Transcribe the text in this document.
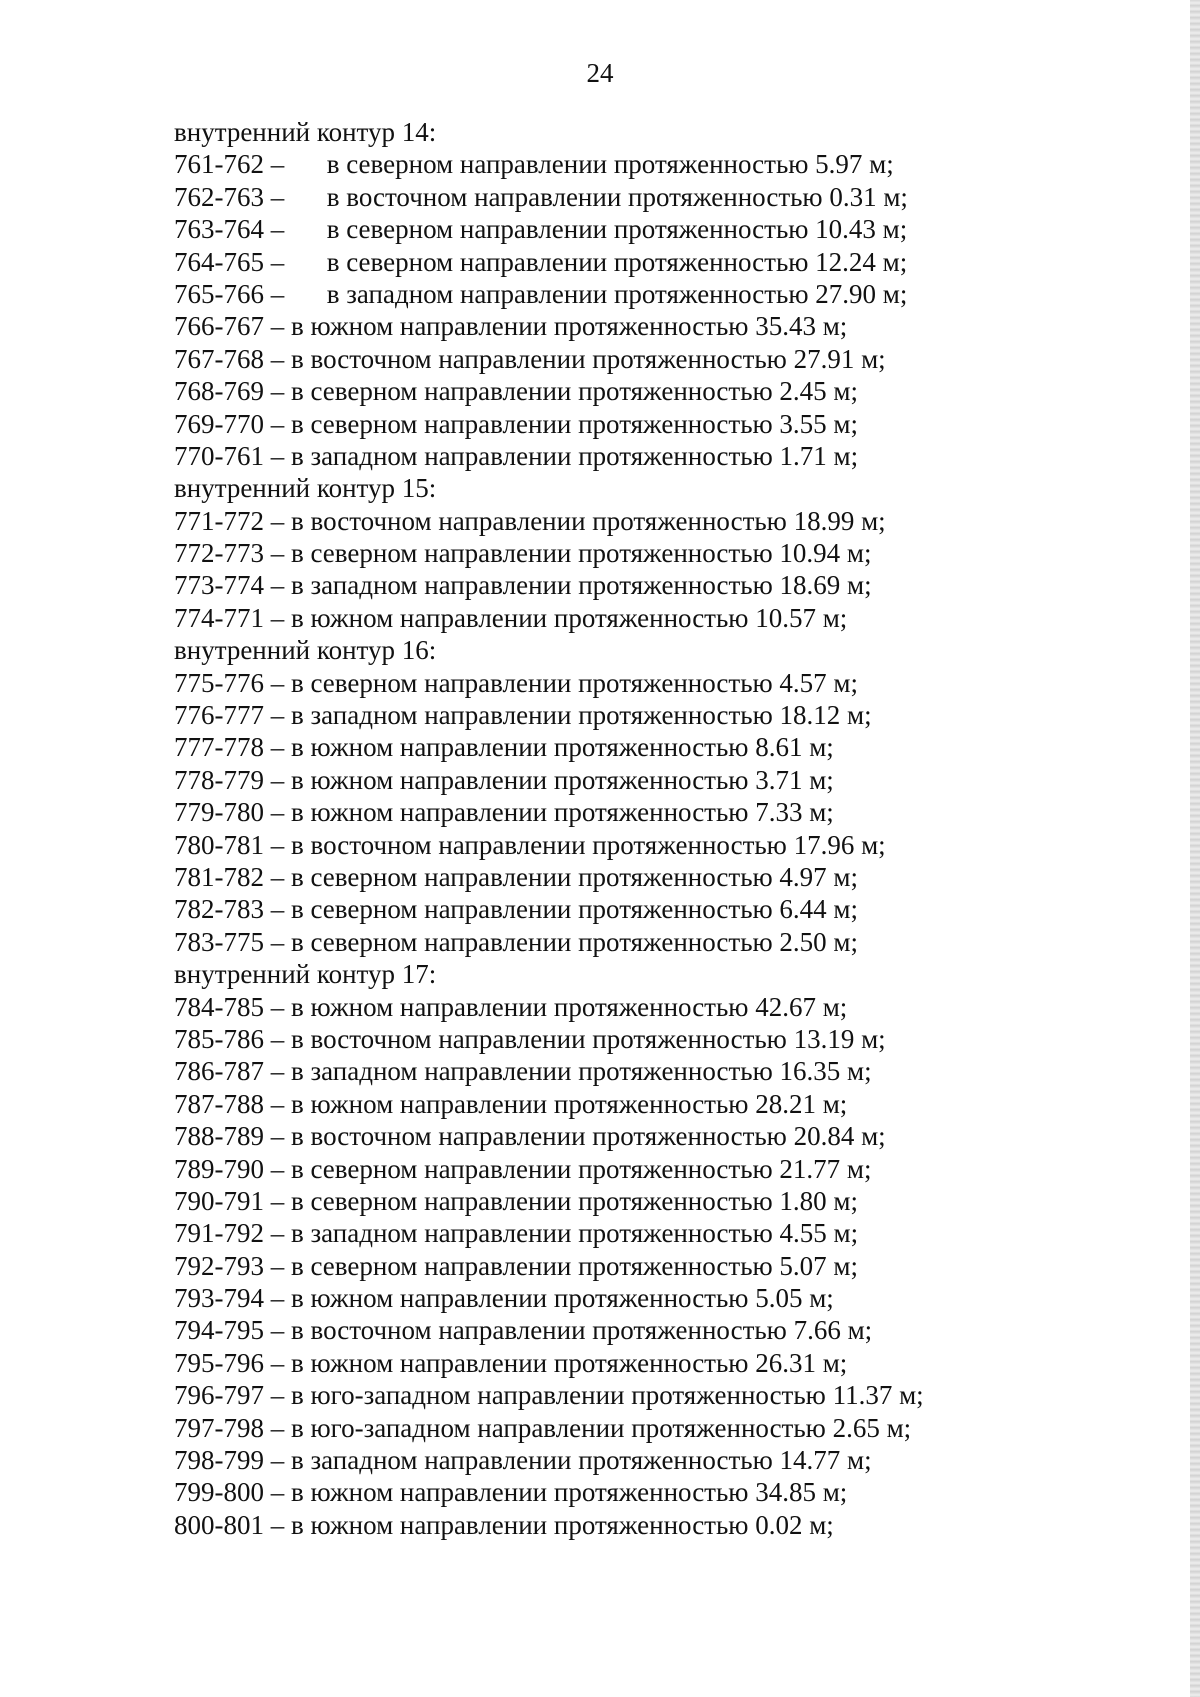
24
внутренний контур 14:
761-762 – в северном направлении протяженностью 5.97 м;
762-763 – в восточном направлении протяженностью 0.31 м;
763-764 – в северном направлении протяженностью 10.43 м;
764-765 – в северном направлении протяженностью 12.24 м;
765-766 – в западном направлении протяженностью 27.90 м;
766-767 – в южном направлении протяженностью 35.43 м;
767-768 – в восточном направлении протяженностью 27.91 м;
768-769 – в северном направлении протяженностью 2.45 м;
769-770 – в северном направлении протяженностью 3.55 м;
770-761 – в западном направлении протяженностью 1.71 м;
внутренний контур 15:
771-772 – в восточном направлении протяженностью 18.99 м;
772-773 – в северном направлении протяженностью 10.94 м;
773-774 – в западном направлении протяженностью 18.69 м;
774-771 – в южном направлении протяженностью 10.57 м;
внутренний контур 16:
775-776 – в северном направлении протяженностью 4.57 м;
776-777 – в западном направлении протяженностью 18.12 м;
777-778 – в южном направлении протяженностью 8.61 м;
778-779 – в южном направлении протяженностью 3.71 м;
779-780 – в южном направлении протяженностью 7.33 м;
780-781 – в восточном направлении протяженностью 17.96 м;
781-782 – в северном направлении протяженностью 4.97 м;
782-783 – в северном направлении протяженностью 6.44 м;
783-775 – в северном направлении протяженностью 2.50 м;
внутренний контур 17:
784-785 – в южном направлении протяженностью 42.67 м;
785-786 – в восточном направлении протяженностью 13.19 м;
786-787 – в западном направлении протяженностью 16.35 м;
787-788 – в южном направлении протяженностью 28.21 м;
788-789 – в восточном направлении протяженностью 20.84 м;
789-790 – в северном направлении протяженностью 21.77 м;
790-791 – в северном направлении протяженностью 1.80 м;
791-792 – в западном направлении протяженностью 4.55 м;
792-793 – в северном направлении протяженностью 5.07 м;
793-794 – в южном направлении протяженностью 5.05 м;
794-795 – в восточном направлении протяженностью 7.66 м;
795-796 – в южном направлении протяженностью 26.31 м;
796-797 – в юго-западном направлении протяженностью 11.37 м;
797-798 – в юго-западном направлении протяженностью 2.65 м;
798-799 – в западном направлении протяженностью 14.77 м;
799-800 – в южном направлении протяженностью 34.85 м;
800-801 – в южном направлении протяженностью 0.02 м;
